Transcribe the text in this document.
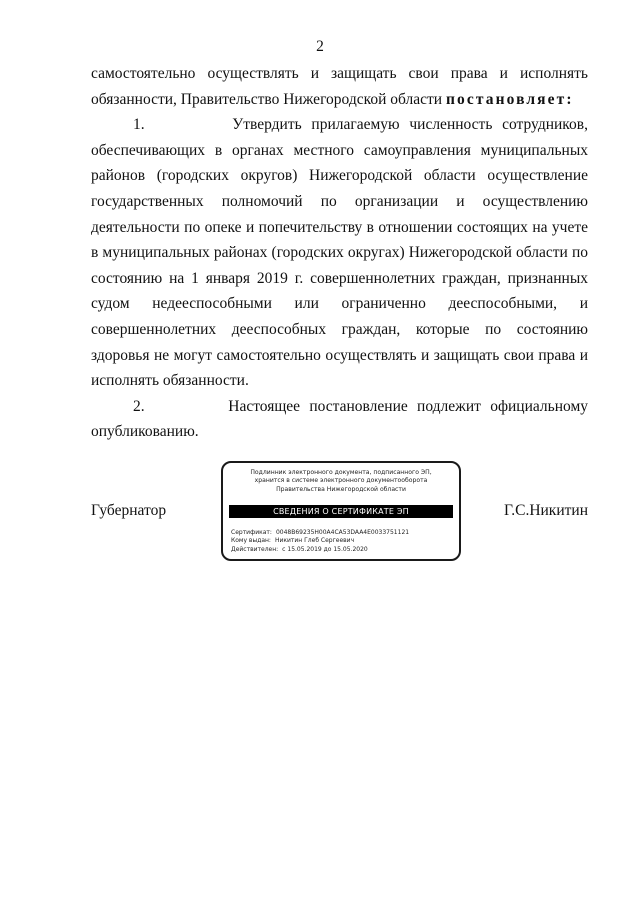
2

самостоятельно осуществлять и защищать свои права и исполнять

обязанности, Правительство Нижегородской области постановляет:

1.	Утвердить прилагаемую численность сотрудников, обеспечивающих в органах местного самоуправления муниципальных районов (городских округов) Нижегородской области осуществление государственных полномочий по организации и осуществлению деятельности по опеке и попечительству в отношении состоящих на учете в муниципальных районах (городских округах) Нижегородской области по состоянию на 1 января 2019 г. совершеннолетних граждан, признанных судом недееспособными или ограниченно дееспособными, и совершеннолетних дееспособных граждан, которые по состоянию здоровья не могут самостоятельно осуществлять и защищать свои права и исполнять обязанности.

2.	Настоящее постановление подлежит официальному опубликованию.

Губернатор
Подлинник электронного документа, подписанного ЭП,
хранится в системе электронного документооборота
Правительства Нижегородской области
СВЕДЕНИЯ О СЕРТИФИКАТЕ ЭП
Сертификат: 0048B69235H00A4CA53DAA4E0033751121
Кому выдан: Никитин Глеб Сергеевич
Действителен: с 15.05.2019 до 15.05.2020
Г.С.Никитин
